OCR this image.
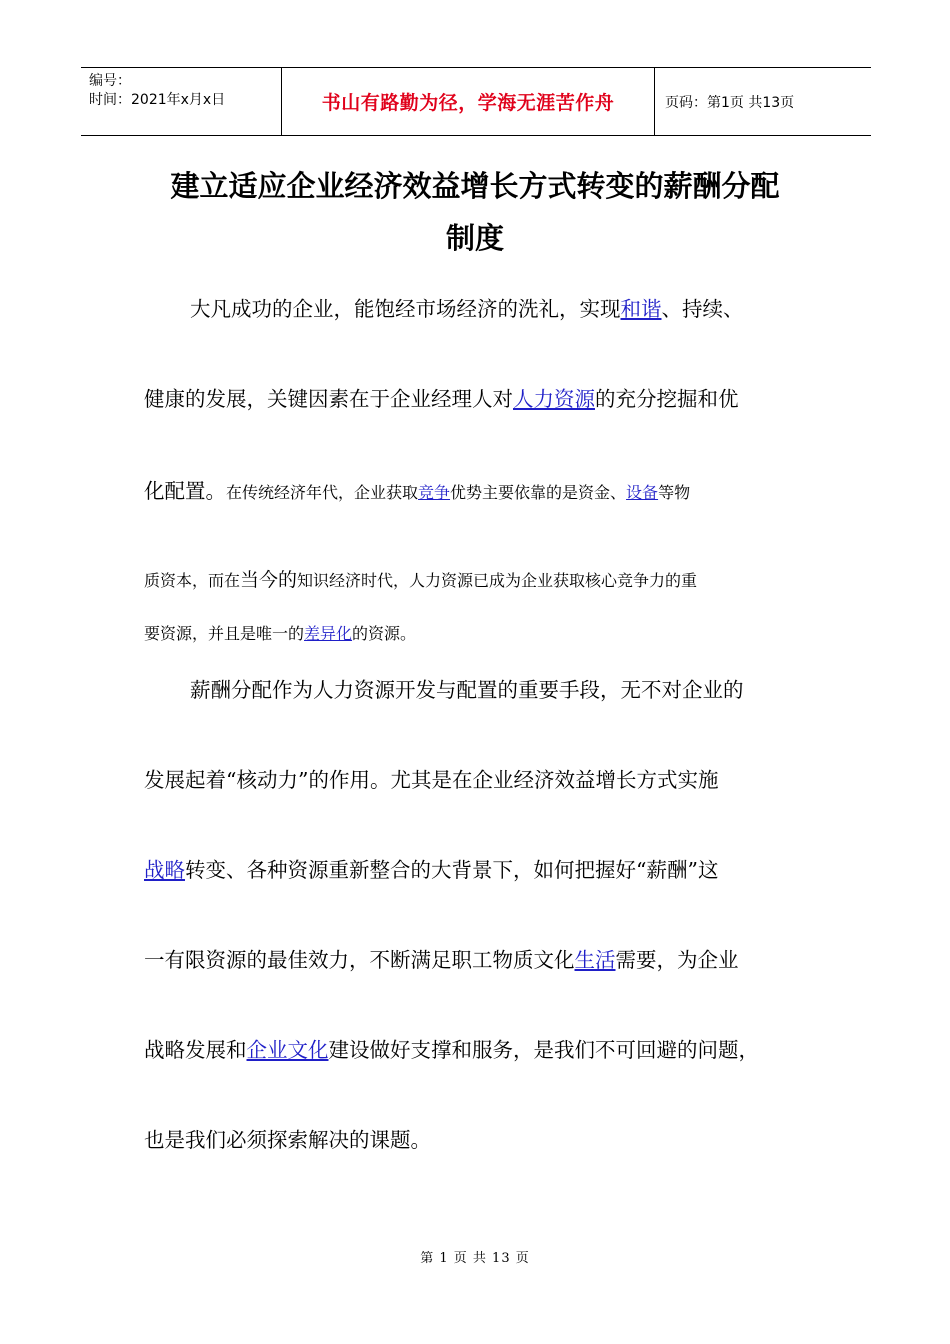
编号：
时间：2021年x月x日	书山有路勤为径，学海无涯苦作舟	页码：第1页 共13页
建立适应企业经济效益增长方式转变的薪酬分配
制度
大凡成功的企业，能饱经市场经济的洗礼，实现和谐、持续、
健康的发展，关键因素在于企业经理人对人力资源的充分挖掘和优
化配置。在传统经济年代，企业获取竞争优势主要依靠的是资金、设备等物
质资本，而在当今的知识经济时代，人力资源已成为企业获取核心竞争力的重
要资源，并且是唯一的差异化的资源。
薪酬分配作为人力资源开发与配置的重要手段，无不对企业的
发展起着“核动力”的作用。尤其是在企业经济效益增长方式实施
战略转变、各种资源重新整合的大背景下，如何把握好“薪酬”这
一有限资源的最佳效力，不断满足职工物质文化生活需要，为企业
战略发展和企业文化建设做好支撑和服务，是我们不可回避的问题，
也是我们必须探索解决的课题。
第 1 页 共 13 页
